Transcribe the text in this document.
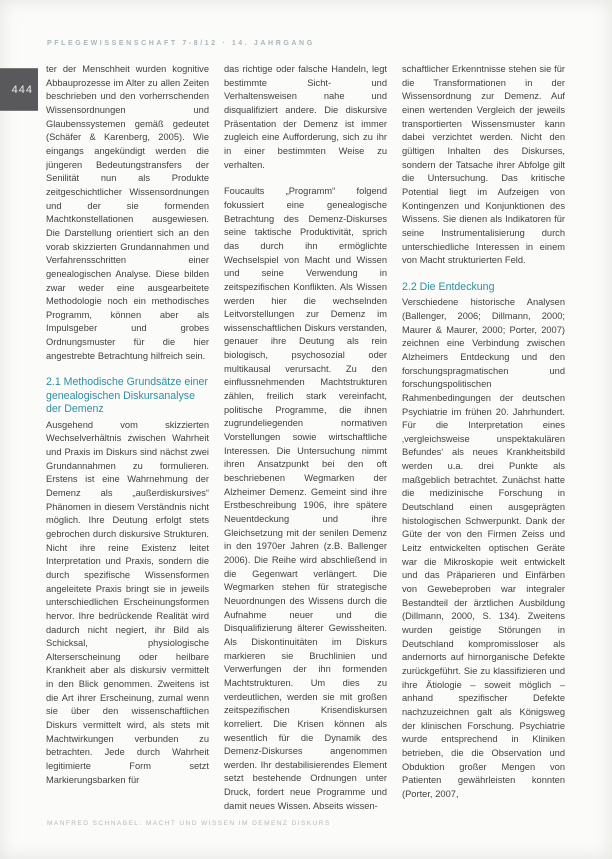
PFLEGEWISSENSCHAFT 7-8/12 · 14. JAHRGANG
444

ter der Menschheit wurden kognitive Abbauprozesse im Alter zu allen Zeiten beschrieben und den vorherrschenden Wissensordnungen und Glaubenssystemen gemäß gedeutet (Schäfer & Karenberg, 2005). Wie eingangs angekündigt werden die jüngeren Bedeutungstransfers der Senilität nun als Produkte zeitgeschichtlicher Wissensordnungen und der sie formenden Machtkonstellationen ausgewiesen. Die Darstellung orientiert sich an den vorab skizzierten Grundannahmen und Verfahrensschritten einer genealogischen Analyse. Diese bilden zwar weder eine ausgearbeitete Methodologie noch ein methodisches Programm, können aber als Impulsgeber und grobes Ordnungsmuster für die hier angestrebte Betrachtung hilfreich sein.

2.1 Methodische Grundsätze einer genealogischen Diskursanalyse der Demenz

Ausgehend vom skizzierten Wechselverhältnis zwischen Wahrheit und Praxis im Diskurs sind nächst zwei Grundannahmen zu formulieren. Erstens ist eine Wahrnehmung der Demenz als „außerdiskursives“ Phänomen in diesem Verständnis nicht möglich. Ihre Deutung erfolgt stets gebrochen durch diskursive Strukturen. Nicht ihre reine Existenz leitet Interpretation und Praxis, sondern die durch spezifische Wissensformen angeleitete Praxis bringt sie in jeweils unterschiedlichen Erscheinungsformen hervor. Ihre bedrückende Realität wird dadurch nicht negiert, ihr Bild als Schicksal, physiologische Alterserscheinung oder heilbare Krankheit aber als diskursiv vermittelt in den Blick genommen. Zweitens ist die Art ihrer Erscheinung, zumal wenn sie über den wissenschaftlichen Diskurs vermittelt wird, als stets mit Machtwirkungen verbunden zu betrachten. Jede durch Wahrheit legitimierte Form setzt Markierungsbarken für

das richtige oder falsche Handeln, legt bestimmte Sicht- und Verhaltensweisen nahe und disqualifiziert andere. Die diskursive Präsentation der Demenz ist immer zugleich eine Aufforderung, sich zu ihr in einer bestimmten Weise zu verhalten.

Foucaults „Programm“ folgend fokussiert eine genealogische Betrachtung des Demenz-Diskurses seine taktische Produktivität, sprich das durch ihn ermöglichte Wechselspiel von Macht und Wissen und seine Verwendung in zeitspezifischen Konflikten. Als Wissen werden hier die wechselnden Leitvorstellungen zur Demenz im wissenschaftlichen Diskurs verstanden, genauer ihre Deutung als rein biologisch, psychosozial oder multikausal verursacht. Zu den einflussnehmenden Machtstrukturen zählen, freilich stark vereinfacht, politische Programme, die ihnen zugrundeliegenden normativen Vorstellungen sowie wirtschaftliche Interessen. Die Untersuchung nimmt ihren Ansatzpunkt bei den oft beschriebenen Wegmarken der Alzheimer Demenz. Gemeint sind ihre Erstbeschreibung 1906, ihre spätere Neuentdeckung und ihre Gleichsetzung mit der senilen Demenz in den 1970er Jahren (z.B. Ballenger 2006). Die Reihe wird abschließend in die Gegenwart verlängert. Die Wegmarken stehen für strategische Neuordnungen des Wissens durch die Aufnahme neuer und die Disqualifizierung älterer Gewissheiten. Als Diskontinuitäten im Diskurs markieren sie Bruchlinien und Verwerfungen der ihn formenden Machtstrukturen. Um dies zu verdeutlichen, werden sie mit großen zeitspezifischen Krisendiskursen korreliert. Die Krisen können als wesentlich für die Dynamik des Demenz-Diskurses angenommen werden. Ihr destabilisierendes Element setzt bestehende Ordnungen unter Druck, fordert neue Programme und damit neues Wissen. Abseits wissen-

schaftlicher Erkenntnisse stehen sie für die Transformationen in der Wissensordnung zur Demenz. Auf einen wertenden Vergleich der jeweils transportierten Wissensmuster kann dabei verzichtet werden. Nicht den gültigen Inhalten des Diskurses, sondern der Tatsache ihrer Abfolge gilt die Untersuchung. Das kritische Potential liegt im Aufzeigen von Kontingenzen und Konjunktionen des Wissens. Sie dienen als Indikatoren für seine Instrumentalisierung durch unterschiedliche Interessen in einem von Macht strukturierten Feld.

2.2 Die Entdeckung

Verschiedene historische Analysen (Ballenger, 2006; Dillmann, 2000; Maurer & Maurer, 2000; Porter, 2007) zeichnen eine Verbindung zwischen Alzheimers Entdeckung und den forschungspragmatischen und forschungspolitischen Rahmenbedingungen der deutschen Psychiatrie im frühen 20. Jahrhundert. Für die Interpretation eines ‚vergleichsweise unspektakulären Befundes‘ als neues Krankheitsbild werden u.a. drei Punkte als maßgeblich betrachtet. Zunächst hatte die medizinische Forschung in Deutschland einen ausgeprägten histologischen Schwerpunkt. Dank der Güte der von den Firmen Zeiss und Leitz entwickelten optischen Geräte war die Mikroskopie weit entwickelt und das Präparieren und Einfärben von Gewebeproben war integraler Bestandteil der ärztlichen Ausbildung (Dillmann, 2000, S. 134). Zweitens wurden geistige Störungen in Deutschland kompromissloser als andernorts auf hirnorganische Defekte zurückgeführt. Sie zu klassifizieren und ihre Ätiologie – soweit möglich – anhand spezifischer Defekte nachzuzeichnen galt als Königsweg der klinischen Forschung. Psychiatrie wurde entsprechend in Kliniken betrieben, die die Observation und Obduktion großer Mengen von Patienten gewährleisten konnten (Porter, 2007,

MANFRED SCHNABEL: MACHT UND WISSEN IM DEMENZ DISKURS
